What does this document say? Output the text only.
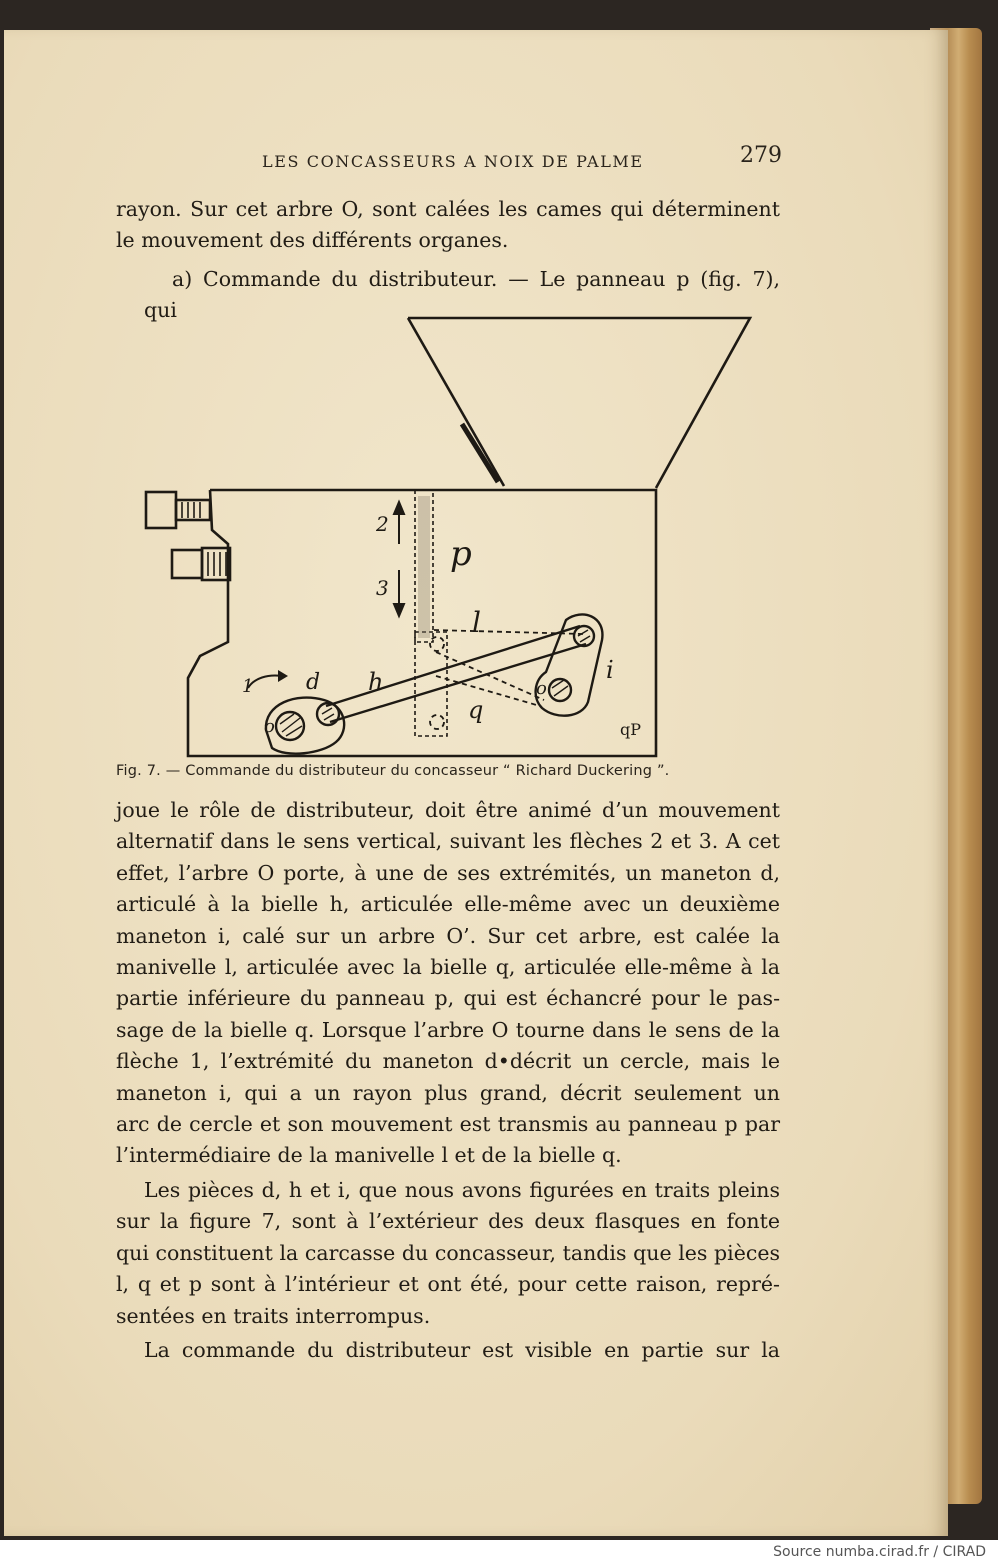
LES CONCASSEURS A NOIX DE PALME	279

rayon. Sur cet arbre O, sont calées les cames qui déterminent
le mouvement des différents organes.

a) Commande du distributeur. — Le panneau p (fig. 7), qui

2
3
p
l
i
h
d
q
1
o
o
qP
Fig. 7. — Commande du distributeur du concasseur “ Richard Duckering ”.

joue le rôle de distributeur, doit être animé d’un mouvement
alternatif dans le sens vertical, suivant les flèches 2 et 3. A cet
effet, l’arbre O porte, à une de ses extrémités, un maneton d,
articulé à la bielle h, articulée elle-même avec un deuxième
maneton i, calé sur un arbre O’. Sur cet arbre, est calée la
manivelle l, articulée avec la bielle q, articulée elle-même à la
partie inférieure du panneau p, qui est échancré pour le pas-
sage de la bielle q. Lorsque l’arbre O tourne dans le sens de la
flèche 1, l’extrémité du maneton d•décrit un cercle, mais le
maneton i, qui a un rayon plus grand, décrit seulement un
arc de cercle et son mouvement est transmis au panneau p par
l’intermédiaire de la manivelle l et de la bielle q.

Les pièces d, h et i, que nous avons figurées en traits pleins
sur la figure 7, sont à l’extérieur des deux flasques en fonte
qui constituent la carcasse du concasseur, tandis que les pièces
l, q et p sont à l’intérieur et ont été, pour cette raison, repré-
sentées en traits interrompus.

La commande du distributeur est visible en partie sur la

Source numba.cirad.fr / CIRAD
